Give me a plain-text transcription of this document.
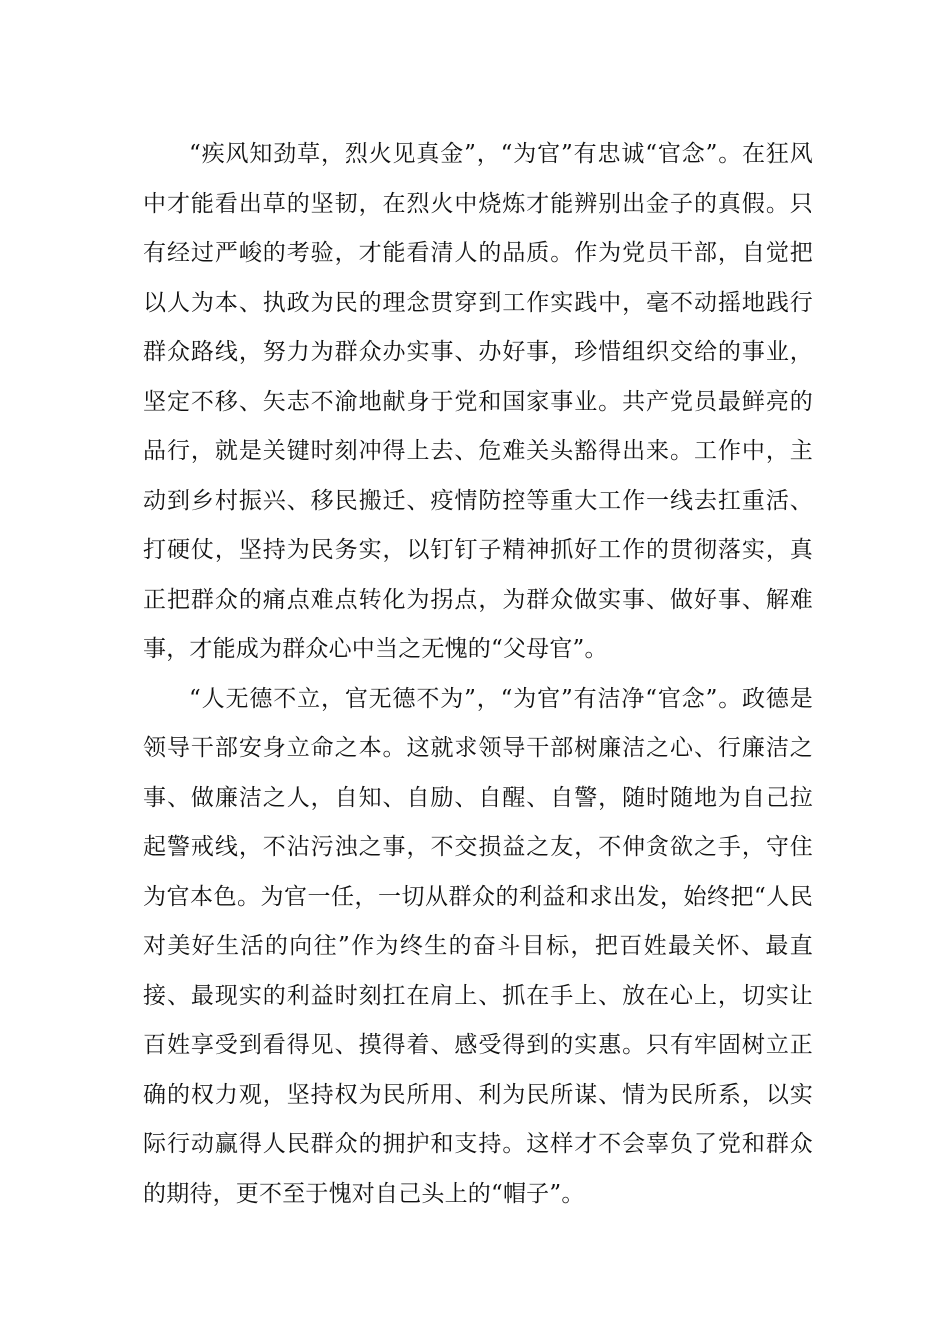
“疾风知劲草，烈火见真金”，“为官”有忠诚“官念”。在狂风中才能看出草的坚韧，在烈火中烧炼才能辨别出金子的真假。只有经过严峻的考验，才能看清人的品质。作为党员干部，自觉把以人为本、执政为民的理念贯穿到工作实践中，毫不动摇地践行群众路线，努力为群众办实事、办好事，珍惜组织交给的事业，坚定不移、矢志不渝地献身于党和国家事业。共产党员最鲜亮的品行，就是关键时刻冲得上去、危难关头豁得出来。工作中，主动到乡村振兴、移民搬迁、疫情防控等重大工作一线去扛重活、打硬仗，坚持为民务实，以钉钉子精神抓好工作的贯彻落实，真正把群众的痛点难点转化为拐点，为群众做实事、做好事、解难事，才能成为群众心中当之无愧的“父母官”。

“人无德不立，官无德不为”，“为官”有洁净“官念”。政德是领导干部安身立命之本。这就求领导干部树廉洁之心、行廉洁之事、做廉洁之人，自知、自励、自醒、自警，随时随地为自己拉起警戒线，不沾污浊之事，不交损益之友，不伸贪欲之手，守住为官本色。为官一任，一切从群众的利益和求出发，始终把“人民对美好生活的向往”作为终生的奋斗目标，把百姓最关怀、最直接、最现实的利益时刻扛在肩上、抓在手上、放在心上，切实让百姓享受到看得见、摸得着、感受得到的实惠。只有牢固树立正确的权力观，坚持权为民所用、利为民所谋、情为民所系，以实际行动赢得人民群众的拥护和支持。这样才不会辜负了党和群众的期待，更不至于愧对自己头上的“帽子”。
